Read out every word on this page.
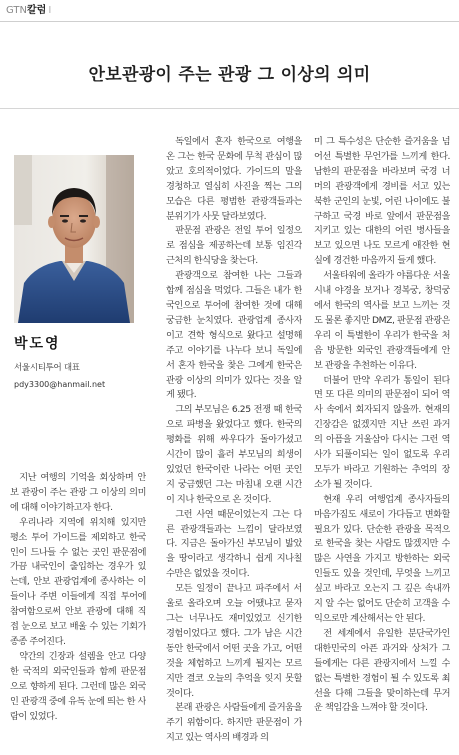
GTN칼럼 I
안보관광이 주는 관광 그 이상의 의미
박도영
서울시티투어 대표
pdy3300@hanmail.net

지난 여행의 기억을 회상하며 안보 관광이 주는 관광 그 이상의 의미에 대해 이야기하고자 한다.

우리나라 지역에 위치해 있지만 평소 투어 가이드를 제외하고 한국인이 드나들 수 없는 곳인 판문점에 가끔 내국인이 출입하는 경우가 있는데, 안보 관광업계에 종사하는 이들이나 주변 이들에게 직접 투어에 참여함으로써 안보 관광에 대해 직접 눈으로 보고 배울 수 있는 기회가 종종 주어진다.

약간의 긴장과 설렘을 안고 다양한 국적의 외국인들과 함께 판문점으로 향하게 된다. 그런데 많은 외국인 관광객 중에 유독 눈에 띄는 한 사람이 있었다.

독일에서 혼자 한국으로 여행을 온 그는 한국 문화에 무척 관심이 많았고 호의적이었다. 가이드의 말을 경청하고 열심히 사진을 찍는 그의 모습은 다른 평범한 관광객들과는 분위기가 사뭇 달라보였다.

판문점 관광은 전일 투어 일정으로 점심을 제공하는데 보통 임진각 근처의 한식당을 찾는다.

관광객으로 참여한 나는 그들과 함께 점심을 먹었다. 그들은 내가 한국인으로 투어에 참여한 것에 대해 궁금한 눈치였다. 관광업계 종사자이고 견학 형식으로 왔다고 설명해주고 이야기를 나누다 보니 독일에서 혼자 한국을 찾은 그에게 한국은 관광 이상의 의미가 있다는 것을 알게 됐다.

그의 부모님은 6.25 전쟁 때 한국으로 파병을 왔었다고 했다. 한국의 평화를 위해 싸우다가 돌아가셨고 시간이 많이 흘러 부모님의 희생이 있었던 한국이란 나라는 어떤 곳인지 궁금했던 그는 마침내 오랜 시간이 지나 한국으로 온 것이다.

그런 사연 때문이었는지 그는 다른 관광객들과는 느낌이 달라보였다. 지금은 돌아가신 부모님이 밟았을 땅이라고 생각하니 쉽게 지나칠 수만은 없었을 것이다.

모든 일정이 끝나고 파주에서 서울로 올라오며 오늘 어땠냐고 묻자 그는 너무나도 재미있었고 신기한 경험이었다고 했다. 그가 남은 시간동안 한국에서 어떤 곳을 가고, 어떤 것을 체험하고 느끼게 될지는 모르지만 결코 오늘의 추억을 잊지 못할 것이다.

본래 관광은 사람들에게 즐거움을 주기 위함이다. 하지만 판문점이 가지고 있는 역사의 배경과 의

미 그 특수성은 단순한 즐거움을 넘어선 특별한 무언가를 느끼게 한다. 남한의 판문점을 바라보며 국경 너머의 관광객에게 경비를 서고 있는 북한 군인의 눈빛, 어린 나이에도 불구하고 국경 바로 앞에서 판문점을 지키고 있는 대한의 어린 병사들을 보고 있으면 나도 모르게 애잔한 현실에 경건한 마음까지 들게 했다.

서울타워에 올라가 야름다운 서울 시내 야경을 보거나 경복궁, 창덕궁에서 한국의 역사를 보고 느끼는 것도 물론 좋지만 DMZ, 판문점 관광은 우리 이 특별한이 우리가 한국을 처음 방문한 외국인 관광객들에게 안보 관광을 추천하는 이유다.

더불어 만약 우리가 통일이 된다면 또 다른 의미의 판문점이 되어 역사 속에서 회자되지 않을까. 현재의 긴장감은 없겠지만 지난 쓰린 과거의 아픔을 거울삼아 다시는 그런 역사가 되풀이되는 일이 없도록 우리 모두가 바라고 기원하는 추억의 장소가 될 것이다.

현재 우리 여행업계 종사자들의 마음가짐도 새로이 가다듬고 변화할 필요가 있다. 단순한 관광을 목적으로 한국을 찾는 사람도 많겠지만 수많은 사연을 가지고 방한하는 외국인들도 있을 것인데, 무엇을 느끼고 싶고 바라고 오는지 그 깊은 속내까지 알 수는 없어도 단순히 고객을 수익으로만 계산해서는 안 된다.

전 세계에서 유일한 분단국가인 대한민국의 아픈 과거와 상처가 그들에게는 다른 관광지에서 느낄 수 없는 특별한 경험이 될 수 있도록 최선을 다해 그들을 맞이하는데 무거운 책임감을 느껴야 할 것이다.
